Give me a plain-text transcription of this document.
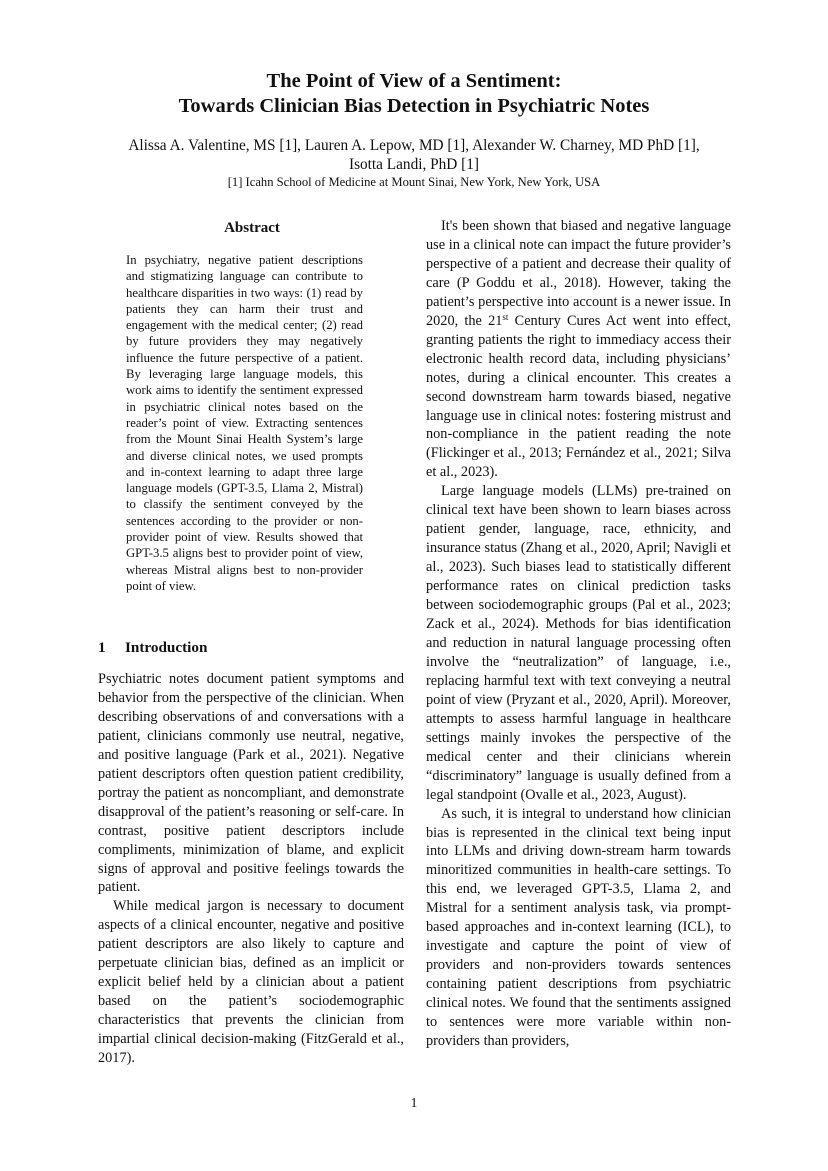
The Point of View of a Sentiment:
Towards Clinician Bias Detection in Psychiatric Notes
Alissa A. Valentine, MS [1], Lauren A. Lepow, MD [1], Alexander W. Charney, MD PhD [1],
Isotta Landi, PhD [1]
[1] Icahn School of Medicine at Mount Sinai, New York, New York, USA
Abstract

In psychiatry, negative patient descriptions and stigmatizing language can contribute to healthcare disparities in two ways: (1) read by patients they can harm their trust and engagement with the medical center; (2) read by future providers they may negatively influence the future perspective of a patient. By leveraging large language models, this work aims to identify the sentiment expressed in psychiatric clinical notes based on the reader’s point of view. Extracting sentences from the Mount Sinai Health System’s large and diverse clinical notes, we used prompts and in-context learning to adapt three large language models (GPT-3.5, Llama 2, Mistral) to classify the sentiment conveyed by the sentences according to the provider or non-provider point of view. Results showed that GPT-3.5 aligns best to provider point of view, whereas Mistral aligns best to non-provider point of view.

1 Introduction

Psychiatric notes document patient symptoms and behavior from the perspective of the clinician. When describing observations of and conversations with a patient, clinicians commonly use neutral, negative, and positive language (Park et al., 2021). Negative patient descriptors often question patient credibility, portray the patient as noncompliant, and demonstrate disapproval of the patient’s reasoning or self-care. In contrast, positive patient descriptors include compliments, minimization of blame, and explicit signs of approval and positive feelings towards the patient.

While medical jargon is necessary to document aspects of a clinical encounter, negative and positive patient descriptors are also likely to capture and perpetuate clinician bias, defined as an implicit or explicit belief held by a clinician about a patient based on the patient’s sociodemographic characteristics that prevents the clinician from impartial clinical decision-making (FitzGerald et al., 2017).

It's been shown that biased and negative language use in a clinical note can impact the future provider’s perspective of a patient and decrease their quality of care (P Goddu et al., 2018). However, taking the patient’s perspective into account is a newer issue. In 2020, the 21st Century Cures Act went into effect, granting patients the right to immediacy access their electronic health record data, including physicians’ notes, during a clinical encounter. This creates a second downstream harm towards biased, negative language use in clinical notes: fostering mistrust and non-compliance in the patient reading the note (Flickinger et al., 2013; Fernández et al., 2021; Silva et al., 2023).

Large language models (LLMs) pre-trained on clinical text have been shown to learn biases across patient gender, language, race, ethnicity, and insurance status (Zhang et al., 2020, April; Navigli et al., 2023). Such biases lead to statistically different performance rates on clinical prediction tasks between sociodemographic groups (Pal et al., 2023; Zack et al., 2024). Methods for bias identification and reduction in natural language processing often involve the “neutralization” of language, i.e., replacing harmful text with text conveying a neutral point of view (Pryzant et al., 2020, April). Moreover, attempts to assess harmful language in healthcare settings mainly invokes the perspective of the medical center and their clinicians wherein “discriminatory” language is usually defined from a legal standpoint (Ovalle et al., 2023, August).

As such, it is integral to understand how clinician bias is represented in the clinical text being input into LLMs and driving down-stream harm towards minoritized communities in health-care settings. To this end, we leveraged GPT-3.5, Llama 2, and Mistral for a sentiment analysis task, via prompt-based approaches and in-context learning (ICL), to investigate and capture the point of view of providers and non-providers towards sentences containing patient descriptions from psychiatric clinical notes. We found that the sentiments assigned to sentences were more variable within non-providers than providers,

1
